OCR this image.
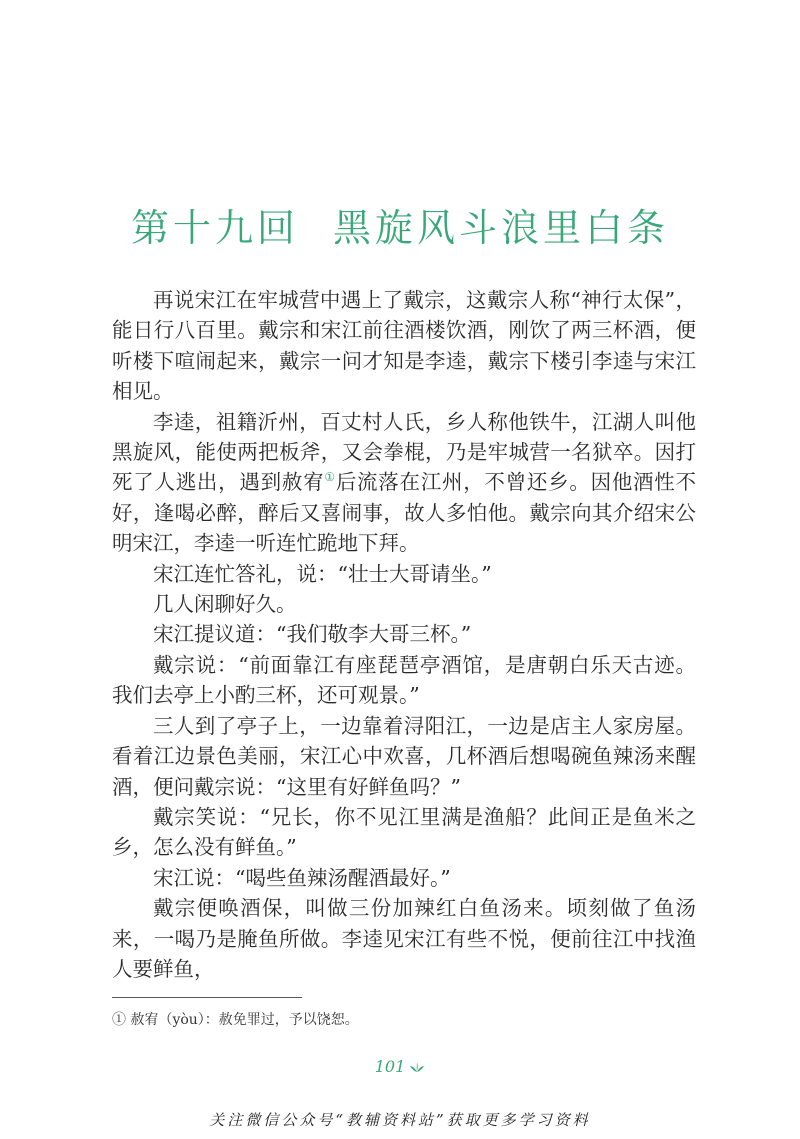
第十九回 黑旋风斗浪里白条

再说宋江在牢城营中遇上了戴宗，这戴宗人称“神行太保”，能日行八百里。戴宗和宋江前往酒楼饮酒，刚饮了两三杯酒，便听楼下喧闹起来，戴宗一问才知是李逵，戴宗下楼引李逵与宋江相见。

李逵，祖籍沂州，百丈村人氏，乡人称他铁牛，江湖人叫他黑旋风，能使两把板斧，又会拳棍，乃是牢城营一名狱卒。因打死了人逃出，遇到赦宥①后流落在江州，不曾还乡。因他酒性不好，逢喝必醉，醉后又喜闹事，故人多怕他。戴宗向其介绍宋公明宋江，李逵一听连忙跪地下拜。

宋江连忙答礼，说：“壮士大哥请坐。”

几人闲聊好久。

宋江提议道：“我们敬李大哥三杯。”

戴宗说：“前面靠江有座琵琶亭酒馆，是唐朝白乐天古迹。我们去亭上小酌三杯，还可观景。”

三人到了亭子上，一边靠着浔阳江，一边是店主人家房屋。看着江边景色美丽，宋江心中欢喜，几杯酒后想喝碗鱼辣汤来醒酒，便问戴宗说：“这里有好鲜鱼吗？”

戴宗笑说：“兄长，你不见江里满是渔船？此间正是鱼米之乡，怎么没有鲜鱼。”

宋江说：“喝些鱼辣汤醒酒最好。”

戴宗便唤酒保，叫做三份加辣红白鱼汤来。顷刻做了鱼汤来，一喝乃是腌鱼所做。李逵见宋江有些不悦，便前往江中找渔人要鲜鱼，

① 赦宥（yòu）：赦免罪过，予以饶恕。
101
关注微信公众号“教辅资料站”获取更多学习资料
